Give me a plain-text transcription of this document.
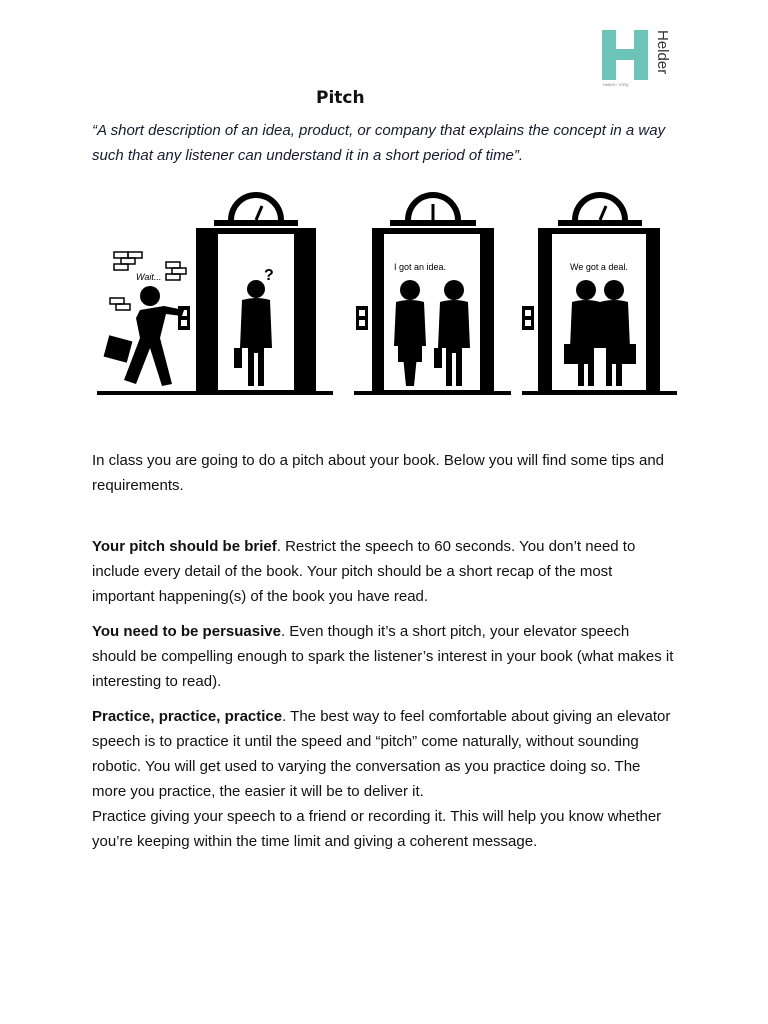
Helder
HANGS / TORQ
Pitch
“A short description of an idea, product, or company that explains the concept in a way such that any listener can understand it in a short period of time”.
?
Wait...
I got an idea.	We got a deal.
In class you are going to do a pitch about your book. Below you will find some tips and requirements.

Your pitch should be brief. Restrict the speech to 60 seconds. You don’t need to include every detail of the book. Your pitch should be a short recap of the most important happening(s) of the book you have read.

You need to be persuasive. Even though it’s a short pitch, your elevator speech should be compelling enough to spark the listener’s interest in your book (what makes it interesting to read).

Practice, practice, practice. The best way to feel comfortable about giving an elevator speech is to practice it until the speed and “pitch” come naturally, without sounding robotic. You will get used to varying the conversation as you practice doing so. The more you practice, the easier it will be to deliver it.

Practice giving your speech to a friend or recording it. This will help you know whether you’re keeping within the time limit and giving a coherent message.
